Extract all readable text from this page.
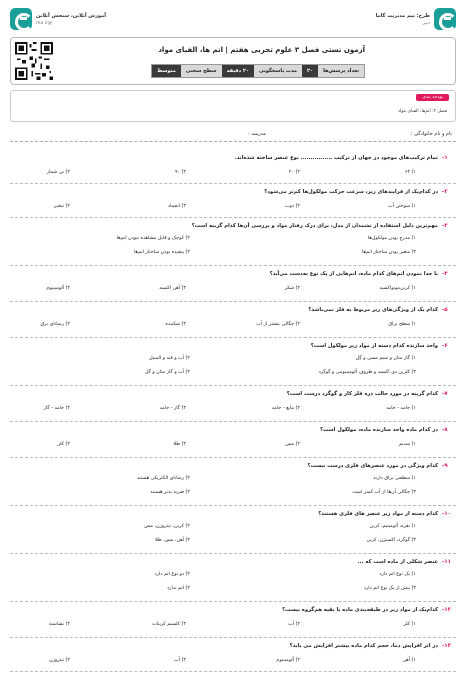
طرح: تیم مدیریت گاما
دبیر
آموزش آنلاین، سنجش آنلاین
@ma.ir
آزمون تستی فصل ۳ علوم تجربی هفتم | اتم ها، الفبای مواد
تعداد پرسش‌ها
۲۰
مدت پاسخگویی
۲۰ دقیقه
سطح سختی
متوسط
بودجه بندی
فصل ۳: اتم‌ها، الفبای مواد
نام و نام خانوادگی :
مدرسه :
۱-
تمام ترکیب‌های موجود در جهان از ترکیب ................ نوع عنصر ساخته شده‌اند.
۱) ۶۴
۲) ۲۰
۳) ۹۰
۴) بی شمار
۲-
در کدام‌یک از فرایندهای زیر، سرعت حرکت مولکول‌ها کم‌تر می‌شود؟
۱) سوختن آب
۲) ذوب
۳) انجماد
۴) تبخیر
۳-
مهم‌ترین دلیل استفاده از تشمدان از مدل، برای درک رفتار مواد و بررسی آن‌ها کدام گزینه است؟
۱) مدرج بودن مولکول‌ها
۲) کوچک و قابل مشاهده نبودن اتم‌ها
۳) متغیر بودن ساختار اتم‌ها
۴) پیچیده بودن ساختار اتم‌ها
۴-
با جدا نمودن اتم‌های کدام ماده، اتم‌هایی از یک نوع به‌دست می‌آید؟
۱) کربن‌مونواکسید
۲) شکر
۳) آهن اکسید
۴) آلومینیوم
۵-
کدام یک از ویژگی‌های زیر مربوط به فلز نمی‌باشد؟
۱) سطح براق
۲) چگالی بیشتر از آب
۳) شکننده
۴) رسانای برق
۶-
واحد سازنده کدام دسته از مواد زیر مولکول است؟
۱) گاز متان و سیم مسی و گِل
۲) آب و قند و المنیل
۳) کلرین دی اکسید و ظروف آلومینیومی و گوگرد
۴) آب و گاز متان و گل
۷-
کدام گزینه در مورد حالت ذره فلز کار و گوگرد درست است؟
۱) جامد - جامد
۲) مایع - جامد
۳) گاز - جامد
۴) جامد - گاز
۸-
در کدام ماده واحد سازنده ماده، مولکول است؟
۱) سدیم
۲) مس
۳) طلا
۴) کلر
۹-
کدام ویژگی در مورد عنصرهای فلزی درست نیست؟
۱) سطحی براق دارند
۲) رسانای الکتریکی هستند
۳) چگالی آن‌ها از آب کمتر است
۴) ضربه پذیر هستند
۱۰-
کدام دسته از مواد زیر عنصر های فلزی هستند؟
۱) نقره، آلومینیم، کربن
۲) کربن، نیتروژن، مس
۳) گوگرد، اکسیژن، کربن
۴) آهن، مس، طلا
۱۱-
عنصر شکلی از ماده است که ...
۱) یک نوع اتم دارد
۲) دو نوع اتم دارد
۳) بیش از یک نوع اتم دارد
۴) اتم ندارد
۱۲-
کدام‌یک از مواد زیر در طبقه‌بندی ماده با بقیه هم‌گروه نیست؟
۱) کلر
۲) آب
۳) کلسیم کربنات
۴) نشاسته
۱۳-
در اثر افزایش دما، حجم کدام ماده بیشتر افزایش می یابد؟
۱) آهن
۲) آلومینیوم
۳) آب
۴) نیتروژن
